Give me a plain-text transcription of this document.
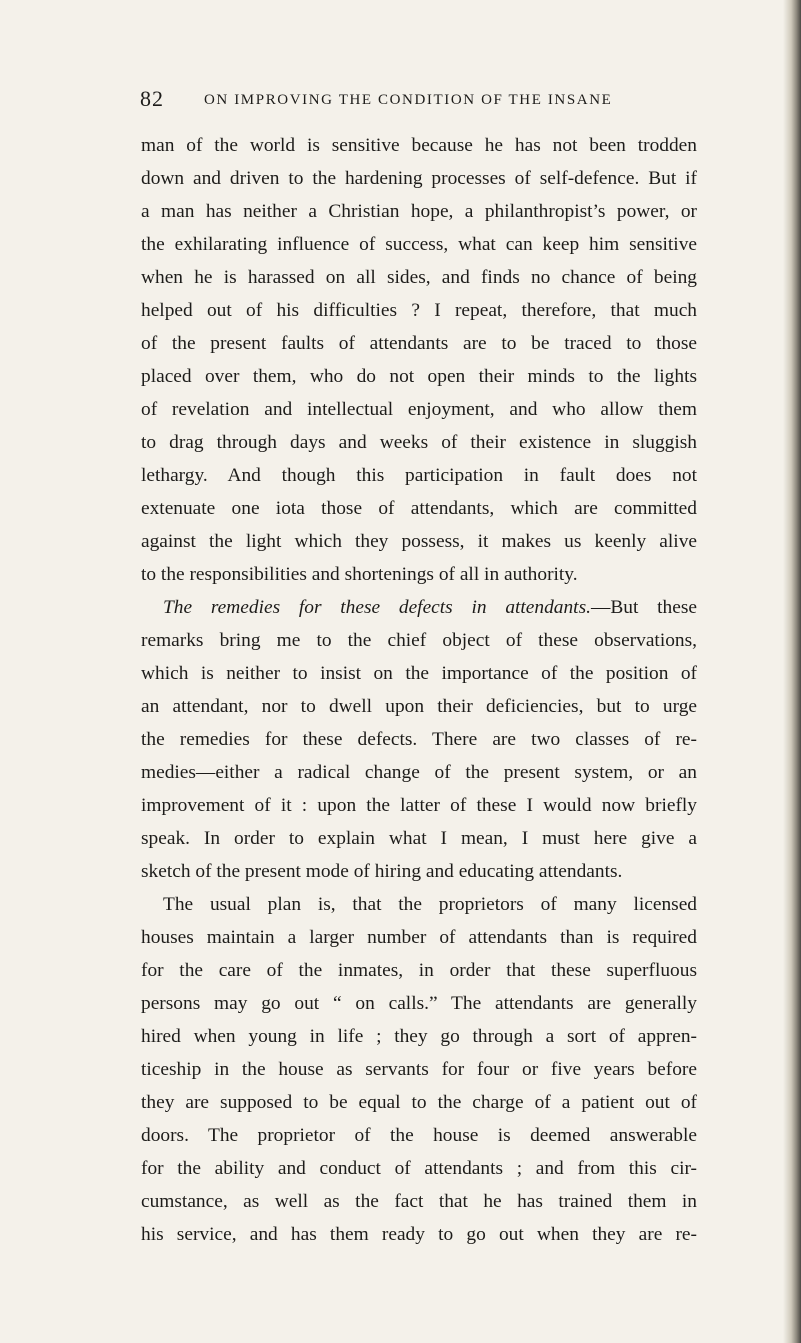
82	ON IMPROVING THE CONDITION OF THE INSANE
man of the world is sensitive because he has not been trodden
down and driven to the hardening processes of self-defence. But if
a man has neither a Christian hope, a philanthropist’s power, or
the exhilarating influence of success, what can keep him sensitive
when he is harassed on all sides, and finds no chance of being
helped out of his difficulties ? I repeat, therefore, that much
of the present faults of attendants are to be traced to those
placed over them, who do not open their minds to the lights
of revelation and intellectual enjoyment, and who allow them
to drag through days and weeks of their existence in sluggish
lethargy. And though this participation in fault does not
extenuate one iota those of attendants, which are committed
against the light which they possess, it makes us keenly alive
to the responsibilities and shortenings of all in authority.
The remedies for these defects in attendants.—But these
remarks bring me to the chief object of these observations,
which is neither to insist on the importance of the position of
an attendant, nor to dwell upon their deficiencies, but to urge
the remedies for these defects. There are two classes of re-
medies—either a radical change of the present system, or an
improvement of it : upon the latter of these I would now briefly
speak. In order to explain what I mean, I must here give a
sketch of the present mode of hiring and educating attendants.
The usual plan is, that the proprietors of many licensed
houses maintain a larger number of attendants than is required
for the care of the inmates, in order that these superfluous
persons may go out “ on calls.” The attendants are generally
hired when young in life ; they go through a sort of appren-
ticeship in the house as servants for four or five years before
they are supposed to be equal to the charge of a patient out of
doors. The proprietor of the house is deemed answerable
for the ability and conduct of attendants ; and from this cir-
cumstance, as well as the fact that he has trained them in
his service, and has them ready to go out when they are re-
